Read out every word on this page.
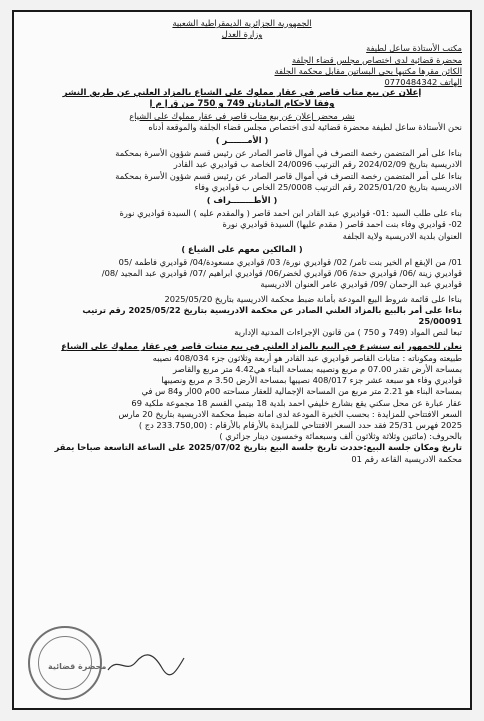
الجمهورية الجزائرية الديمقراطية الشعبية
وزارة العدل
مكتب الأستاذة ساعل لطيفة
محضرة قضائية لدى اختصاص مجلس قضاء الجلفة
الكائن مقرها مكتبها بحي البساتين مقابل محكمة الجلفة
الهاتف 0770484342
إعلان عن بيع متاب قاصر في عقار مملوك على الشياع بالمزاد العلني عن طريق النشر
وفقا لأحكام المادتان 749 و 750 من ق إ م إ
نشر محضر إعلان عن بيع متاب قاصر في عقار مملوك على الشياع
نحن الأستاذة ساعل لطيفة محضرة قضائية لدى اختصاص مجلس قضاء الجلفة والموقعة أدناه
( الأمـــــــر )
بناءا على أمر المتضمن رخصة التصرف في أموال قاصر الصادر عن رئيس قسم شؤون الأسرة بمحكمة
الادريسية بتاريخ 2024/02/09 رقم الترتيب 24/0096 الخاصة ب قواديري عبد القادر
بناءا على أمر المتضمن رخصة التصرف في أموال قاصر الصادر عن رئيس قسم شؤون الأسرة بمحكمة
الادريسية بتاريخ 2025/01/20 رقم الترتيب 25/0008 الخاص ب قواديري وفاء
( الأطــــــــراف )
بناء على طلب السيد :01- قواديري عبد القادر ابن احمد قاصر ( والمقدم عليه ) السيدة قواديري نورة
02- قواديري وفاء بنت احمد قاصر ( مقدم عليها) السيدة قواديري نورة
العنوان بلدية الادريسية ولاية الجلفة
( المالكين معهم على الشياع )
01/ من الإبقع ام الخير بنت تامر/ 02/ قواديري نورة/ 03/ قواديري مسعودة/04/ قواديري فاطمة /05
قواديري زينة /06/ قواديري حدة/ 06/ قواديري لخضر/06/ قواديري ابراهيم /07/ قواديري عبد المجيد /08/
قواديري عبد الرحمان /09/ قواديري عامر العنوان الادريسية
بناءا على قائمة شروط البيع المودعة بأمانة ضبط محكمة الادريسية بتاريخ 2025/05/20
بناءا على أمر بالبيع بالمزاد العلني الصادر عن محكمة الادريسية بتاريخ 2025/05/22 رقم ترتيب
25/00091
تبعا لنص المواد (749 و 750 ) من قانون الإجراءات المدنية الإدارية
نعلن للجمهور انه سنشرع في البيع بالمزاد العلني في بيع متبات قاصر في عقار مملوك على الشياع
طبيعته ومكوناته : متابات القاصر قواديري عبد القادر هو أربعة وثلاثون جزء 408/034 نصيبه
بمساحة الأرض تقدر 07.00 م مربع ونصيبه بمساحة البناء هي4.42 متر مربع والقاصر
قواديري وفاء هو سبعة عشر جزء 408/017 نصيبها بمساحة الأرض 3.50 م مربع ونصيبها
بمساحة البناء هو 2.21 متر مربع من المساحة الإجمالية للعقار مساحته 00م 00ار و84 س في
عقار عبارة عن محل سكني يقع بشارع خليفي احمد بلدية 18 بيتمي القسم 18 مجموعة ملكية 69
السعر الافتتاحي للمزايدة : بحسب الخبرة المودعة لدى امانة ضبط محكمة الادريسية بتاريخ 20 مارس
2025 فهرس 25/31 فقد حدد السعر الافتتاحي للمزايدة بالأرقام بالأرقام : (233.750,00 دج )
بالحروف: (مائتين وثلاثة وثلاثون ألف وسبعمائة وخمسون دينار جزائري )
تاريخ ومكان جلسة البيع:حددت تاريخ جلسة البيع بتاريخ 2025/07/02 على الساعة التاسعة صباحا بمقر
محكمة الادريسية القاعة رقم 01
محضرة قضائية
